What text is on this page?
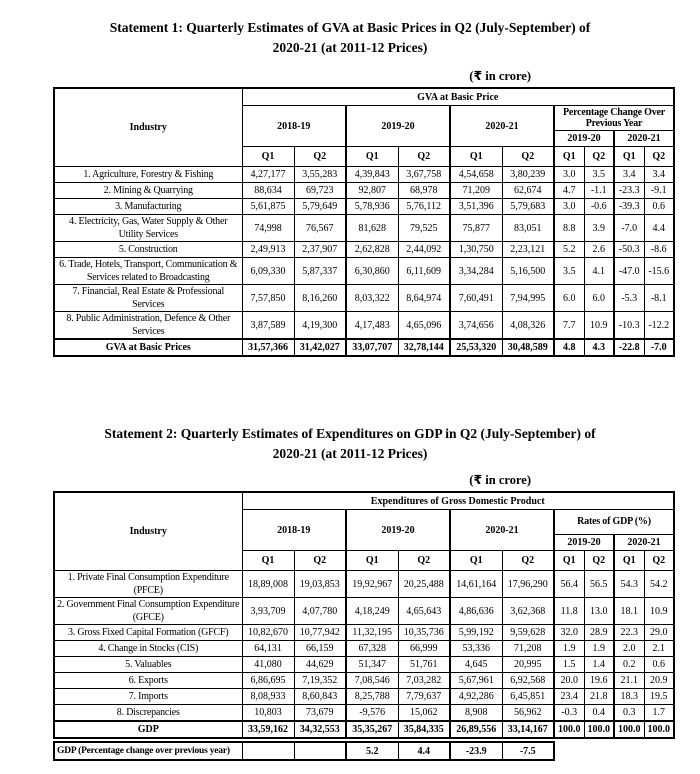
Statement 1: Quarterly Estimates of GVA at Basic Prices in Q2 (July-September) of
2020-21 (at 2011-12 Prices)
(₹ in crore)
Industry	GVA at Basic Price									
	2018-19		2019-20		2020-21		Percentage Change Over Previous Year			
							2019-20		2020-21	
	Q1	Q2	Q1	Q2	Q1	Q2	Q1	Q2	Q1	Q2
1. Agriculture, Forestry & Fishing	4,27,177	3,55,283	4,39,843	3,67,758	4,54,658	3,80,239	3.0	3.5	3.4	3.4
2. Mining & Quarrying	88,634	69,723	92,807	68,978	71,209	62,674	4.7	-1.1	-23.3	-9.1
3. Manufacturing	5,61,875	5,79,649	5,78,936	5,76,112	3,51,396	5,79,683	3.0	-0.6	-39.3	0.6
4. Electricity, Gas, Water Supply & Other Utility Services	74,998	76,567	81,628	79,525	75,877	83,051	8.8	3.9	-7.0	4.4
5. Construction	2,49,913	2,37,907	2,62,828	2,44,092	1,30,750	2,23,121	5.2	2.6	-50.3	-8.6
6. Trade, Hotels, Transport, Communication & Services related to Broadcasting	6,09,330	5,87,337	6,30,860	6,11,609	3,34,284	5,16,500	3.5	4.1	-47.0	-15.6
7. Financial, Real Estate & Professional Services	7,57,850	8,16,260	8,03,322	8,64,974	7,60,491	7,94,995	6.0	6.0	-5.3	-8.1
8. Public Administration, Defence & Other Services	3,87,589	4,19,300	4,17,483	4,65,096	3,74,656	4,08,326	7.7	10.9	-10.3	-12.2
GVA at Basic Prices	31,57,366	31,42,027	33,07,707	32,78,144	25,53,320	30,48,589	4.8	4.3	-22.8	-7.0
Statement 2: Quarterly Estimates of Expenditures on GDP in Q2 (July-September) of
2020-21 (at 2011-12 Prices)
(₹ in crore)
Industry	Expenditures of Gross Domestic Product									
	2018-19		2019-20		2020-21		Rates of GDP (%)			
							2019-20		2020-21	
	Q1	Q2	Q1	Q2	Q1	Q2	Q1	Q2	Q1	Q2
1. Private Final Consumption Expenditure (PFCE)	18,89,008	19,03,853	19,92,967	20,25,488	14,61,164	17,96,290	56.4	56.5	54.3	54.2
2. Government Final Consumption Expenditure (GFCE)	3,93,709	4,07,780	4,18,249	4,65,643	4,86,636	3,62,368	11.8	13.0	18.1	10.9
3. Gross Fixed Capital Formation (GFCF)	10,82,670	10,77,942	11,32,195	10,35,736	5,99,192	9,59,628	32.0	28.9	22.3	29.0
4. Change in Stocks (CIS)	64,131	66,159	67,328	66,999	53,336	71,208	1.9	1.9	2.0	2.1
5. Valuables	41,080	44,629	51,347	51,761	4,645	20,995	1.5	1.4	0.2	0.6
6. Exports	6,86,695	7,19,352	7,08,546	7,03,282	5,67,961	6,92,568	20.0	19.6	21.1	20.9
7. Imports	8,08,933	8,60,843	8,25,788	7,79,637	4,92,286	6,45,851	23.4	21.8	18.3	19.5
8. Discrepancies	10,803	73,679	-9,576	15,062	8,908	56,962	-0.3	0.4	0.3	1.7
GDP	33,59,162	34,32,553	35,35,267	35,84,335	26,89,556	33,14,167	100.0	100.0	100.0	100.0
GDP (Percentage change over previous year)			5.2	4.4	-23.9	-7.5
